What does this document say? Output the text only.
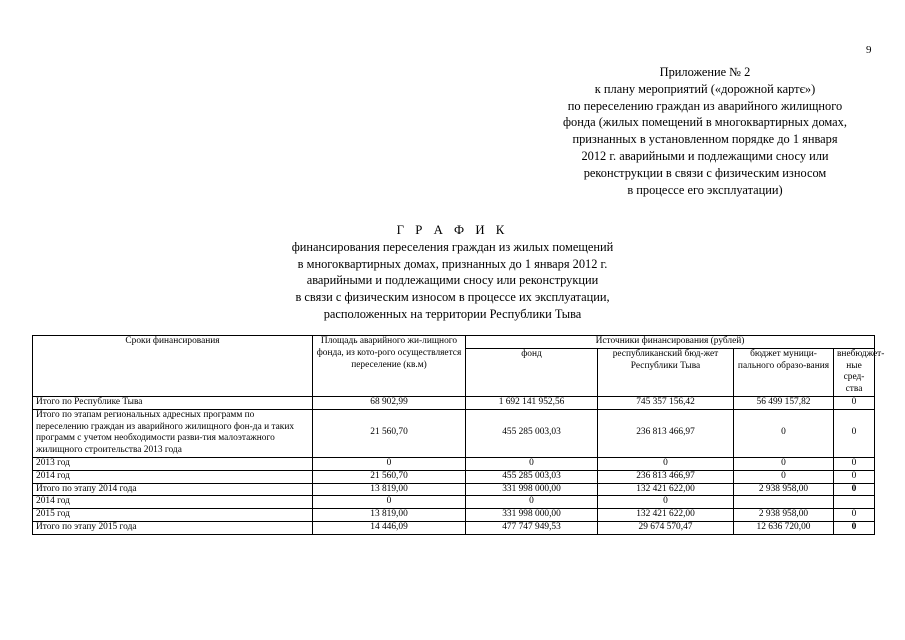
9
Приложение № 2
к плану мероприятий («дорожной картє»)
по переселению граждан из аварийного жилищного
фонда (жилых помещений в многоквартирных домах,
признанных в установленном порядке до 1 января
2012 г. аварийными и подлежащими сносу или
реконструкции в связи с физическим износом
в процессе его эксплуатации)
Г Р А Ф И К
финансирования переселения граждан из жилых помещений
в многоквартирных домах, признанных до 1 января 2012 г.
аварийными и подлежащими сносу или реконструкции
в связи с физическим износом в процессе их эксплуатации,
расположенных на территории Республики Тыва
Сроки финансирования	Площадь аварийного жи-лищного фонда, из кото-рого осуществляется переселение (кв.м)	Источники финансирования (рублей)			
		фонд	республиканский бюд-жет Республики Тыва	бюджет муници-пального образо-вания	внебюджет-ные сред-ства
Итого по Республике Тыва	68 902,99	1 692 141 952,56	745 357 156,42	56 499 157,82	0
Итого по этапам региональных адресных программ по переселению граждан из аварийного жилищного фон-да и таких программ с учетом необходимости разви-тия малоэтажного жилищного строительства 2013 года	21 560,70	455 285 003,03	236 813 466,97	0	0
2013 год	0	0	0	0	0
2014 год	21 560,70	455 285 003,03	236 813 466,97	0	0
Итого по этапу 2014 года	13 819,00	331 998 000,00	132 421 622,00	2 938 958,00	0
2014 год	0	0	0		
2015 год	13 819,00	331 998 000,00	132 421 622,00	2 938 958,00	0
Итого по этапу 2015 года	14 446,09	477 747 949,53	29 674 570,47	12 636 720,00	0
